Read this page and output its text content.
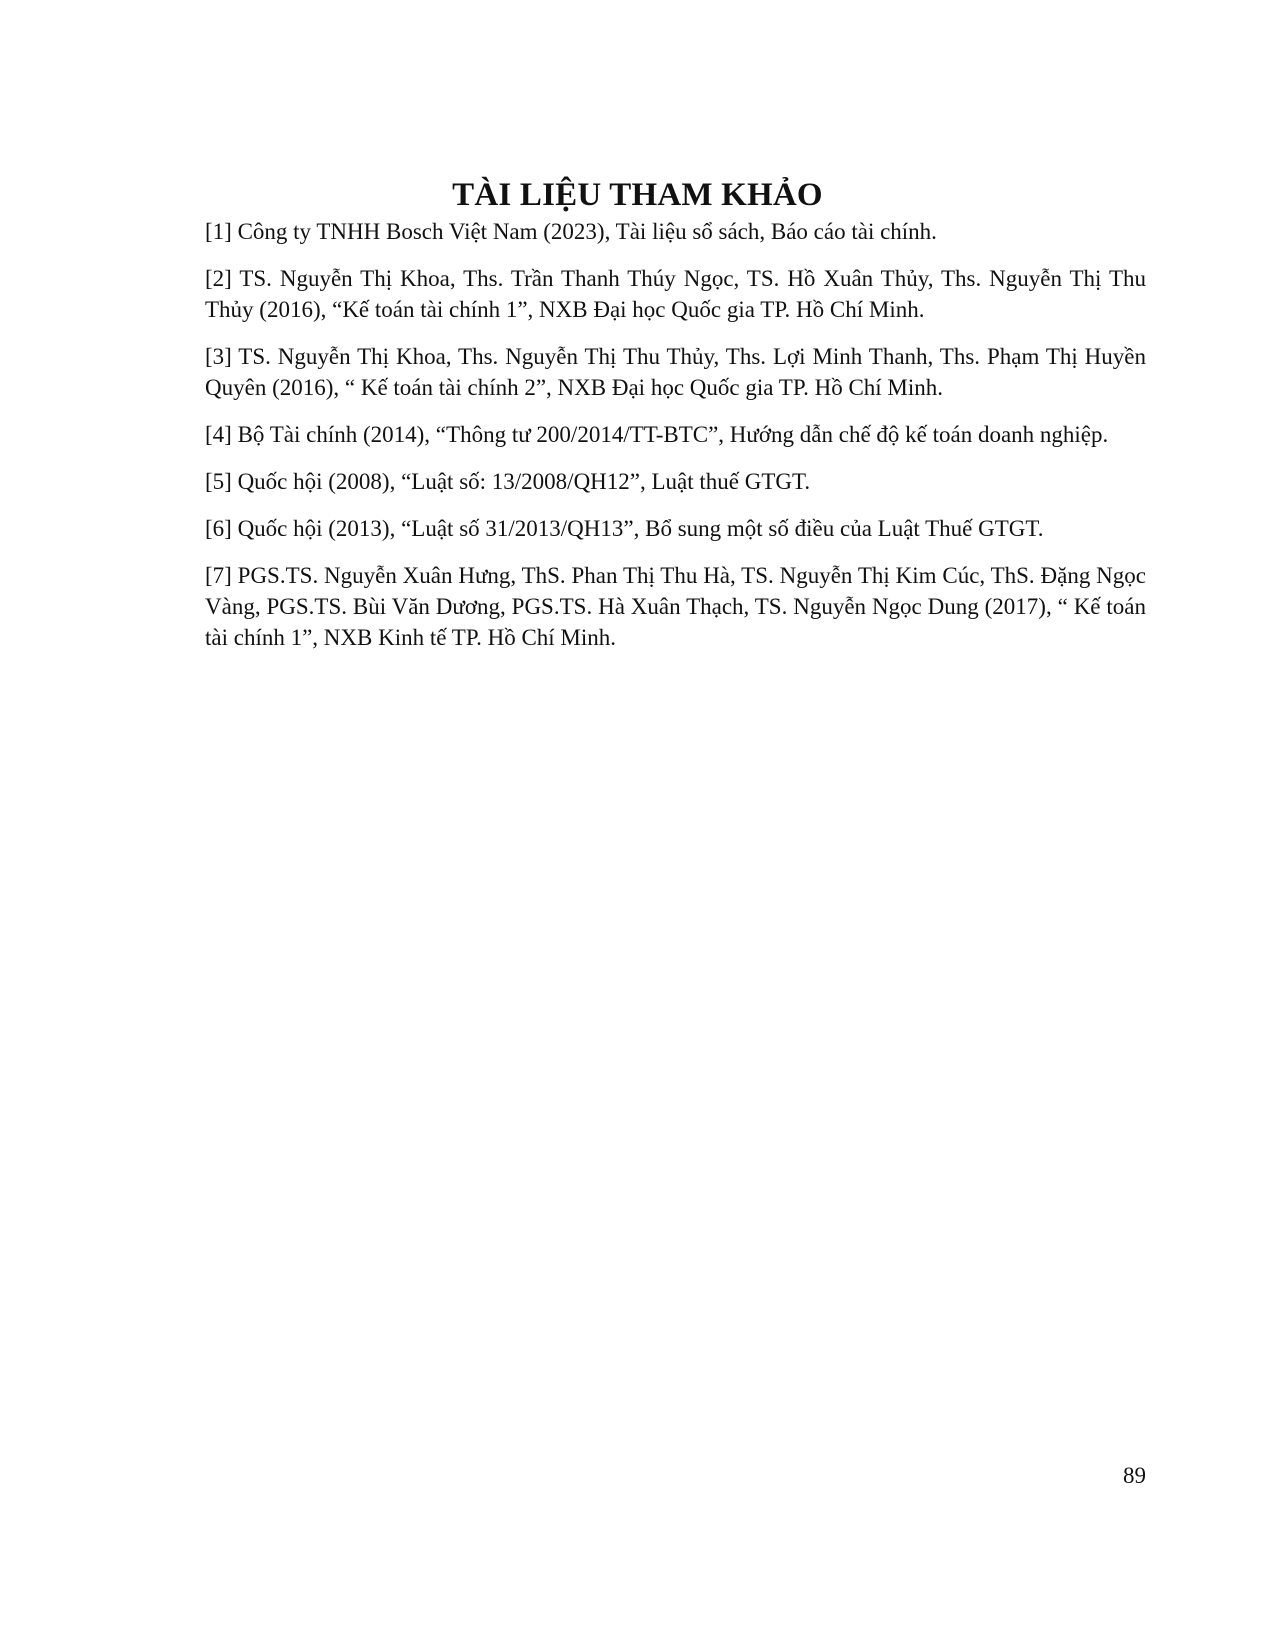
TÀI LIỆU THAM KHẢO
[1] Công ty TNHH Bosch Việt Nam (2023), Tài liệu sổ sách, Báo cáo tài chính.
[2] TS. Nguyễn Thị Khoa, Ths. Trần Thanh Thúy Ngọc, TS. Hồ Xuân Thủy, Ths. Nguyễn Thị Thu Thủy (2016), “Kế toán tài chính 1”, NXB Đại học Quốc gia TP. Hồ Chí Minh.
[3] TS. Nguyễn Thị Khoa, Ths. Nguyễn Thị Thu Thủy, Ths. Lợi Minh Thanh, Ths. Phạm Thị Huyền Quyên (2016), “ Kế toán tài chính 2”, NXB Đại học Quốc gia TP. Hồ Chí Minh.
[4] Bộ Tài chính (2014), “Thông tư 200/2014/TT-BTC”, Hướng dẫn chế độ kế toán doanh nghiệp.
[5] Quốc hội (2008), “Luật số: 13/2008/QH12”, Luật thuế GTGT.
[6] Quốc hội (2013), “Luật số 31/2013/QH13”, Bổ sung một số điều của Luật Thuế GTGT.
[7] PGS.TS. Nguyễn Xuân Hưng, ThS. Phan Thị Thu Hà, TS. Nguyễn Thị Kim Cúc, ThS. Đặng Ngọc Vàng, PGS.TS. Bùi Văn Dương, PGS.TS. Hà Xuân Thạch, TS. Nguyễn Ngọc Dung (2017), “ Kế toán tài chính 1”, NXB Kinh tế TP. Hồ Chí Minh.
89
